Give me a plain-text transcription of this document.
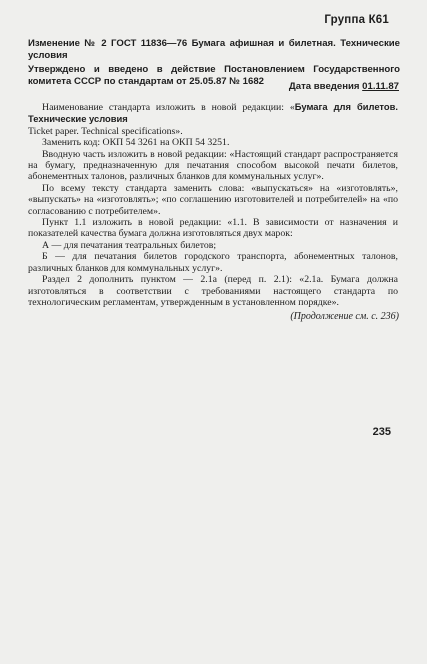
Группа К61
Изменение № 2 ГОСТ 11836—76 Бумага афишная и билетная. Технические условия
Утверждено и введено в действие Постановлением Государственного комитета СССР по стандартам от 25.05.87 № 1682	Дата введения 01.11.87

Наименование стандарта изложить в новой редакции: «Бумага для билетов. Технические условия

Ticket paper. Technical specifications».

Заменить код: ОКП 54 3261 на ОКП 54 3251.

Вводную часть изложить в новой редакции: «Настоящий стандарт распространяется на бумагу, предназначенную для печатания способом высокой печати билетов, абонементных талонов, различных бланков для коммунальных услуг».

По всему тексту стандарта заменить слова: «выпускаться» на «изготовлять», «выпускать» на «изготовлять»; «по соглашению изготовителей и потребителей» на «по согласованию с потребителем».

Пункт 1.1 изложить в новой редакции: «1.1. В зависимости от назначения и показателей качества бумага должна изготовляться двух марок:

А — для печатания театральных билетов;

Б — для печатания билетов городского транспорта, абонементных талонов, различных бланков для коммунальных услуг».

Раздел 2 дополнить пунктом — 2.1а (перед п. 2.1): «2.1а. Бумага должна изготовляться в соответствии с требованиями настоящего стандарта по технологическим регламентам, утвержденным в установленном порядке».

(Продолжение см. с. 236)
235
